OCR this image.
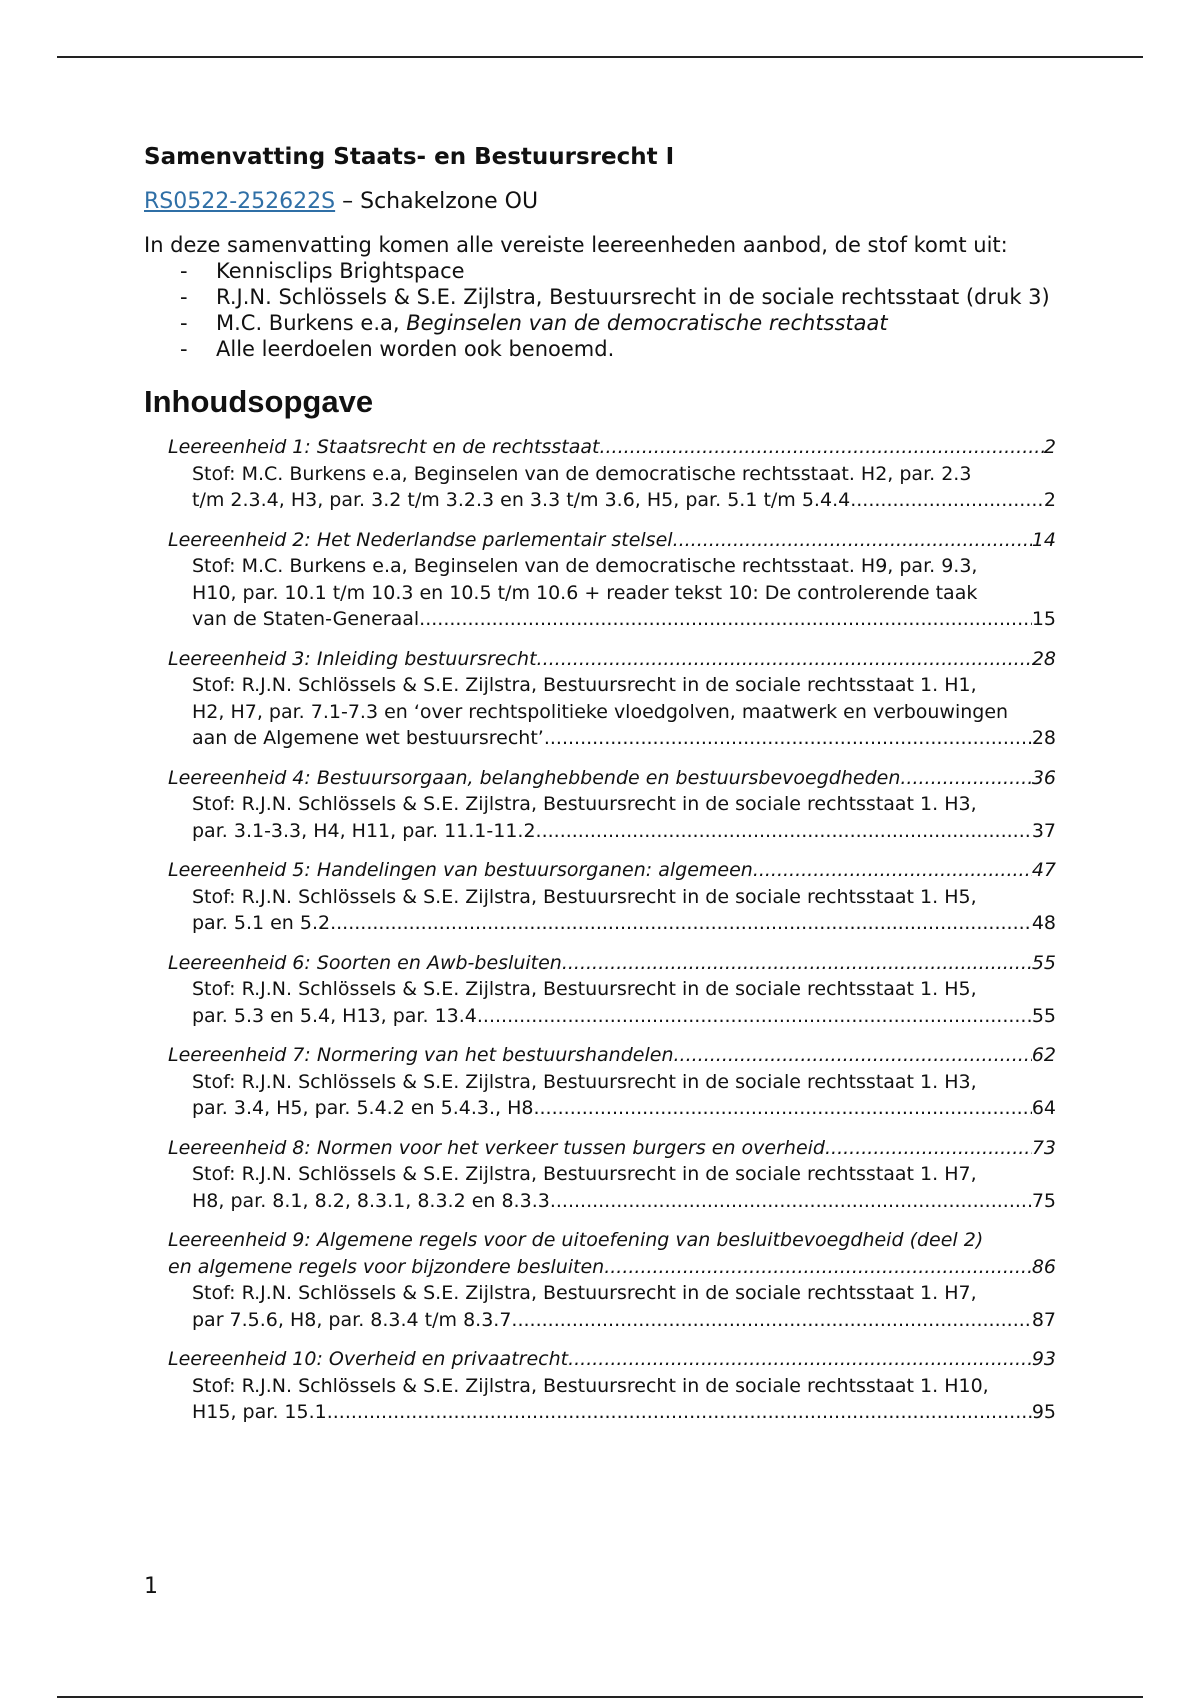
Samenvatting Staats- en Bestuursrecht I

RS0522-252622S – Schakelzone OU

In deze samenvatting komen alle vereiste leereenheden aanbod, de stof komt uit:

- Kennisclips Brightspace
- R.J.N. Schlössels & S.E. Zijlstra, Bestuursrecht in de sociale rechtsstaat (druk 3)
- M.C. Burkens e.a, Beginselen van de democratische rechtsstaat
- Alle leerdoelen worden ook benoemd.
Inhoudsopgave
Leereenheid 1: Staatsrecht en de rechtsstaat .....	2
Stof: M.C. Burkens e.a, Beginselen van de democratische rechtsstaat. H2, par. 2.3
t/m 2.3.4, H3, par. 3.2 t/m 3.2.3 en 3.3 t/m 3.6, H5, par. 5.1 t/m 5.4.4 .....	2
Leereenheid 2: Het Nederlandse parlementair stelsel .....	14
Stof: M.C. Burkens e.a, Beginselen van de democratische rechtsstaat. H9, par. 9.3,
H10, par. 10.1 t/m 10.3 en 10.5 t/m 10.6 + reader tekst 10: De controlerende taak
van de Staten-Generaal .....	15
Leereenheid 3: Inleiding bestuursrecht .....	28
Stof: R.J.N. Schlössels & S.E. Zijlstra, Bestuursrecht in de sociale rechtsstaat 1. H1,
H2, H7, par. 7.1-7.3 en ‘over rechtspolitieke vloedgolven, maatwerk en verbouwingen
aan de Algemene wet bestuursrecht’ .....	28
Leereenheid 4: Bestuursorgaan, belanghebbende en bestuursbevoegdheden .....	36
Stof: R.J.N. Schlössels & S.E. Zijlstra, Bestuursrecht in de sociale rechtsstaat 1. H3,
par. 3.1-3.3, H4, H11, par. 11.1-11.2 .....	37
Leereenheid 5: Handelingen van bestuursorganen: algemeen .....	47
Stof: R.J.N. Schlössels & S.E. Zijlstra, Bestuursrecht in de sociale rechtsstaat 1. H5,
par. 5.1 en 5.2 .....	48
Leereenheid 6: Soorten en Awb-besluiten .....	55
Stof: R.J.N. Schlössels & S.E. Zijlstra, Bestuursrecht in de sociale rechtsstaat 1. H5,
par. 5.3 en 5.4, H13, par. 13.4 .....	55
Leereenheid 7: Normering van het bestuurshandelen .....	62
Stof: R.J.N. Schlössels & S.E. Zijlstra, Bestuursrecht in de sociale rechtsstaat 1. H3,
par. 3.4, H5, par. 5.4.2 en 5.4.3., H8 .....	64
Leereenheid 8: Normen voor het verkeer tussen burgers en overheid .....	73
Stof: R.J.N. Schlössels & S.E. Zijlstra, Bestuursrecht in de sociale rechtsstaat 1. H7,
H8, par. 8.1, 8.2, 8.3.1, 8.3.2 en 8.3.3 .....	75
Leereenheid 9: Algemene regels voor de uitoefening van besluitbevoegdheid (deel 2)
en algemene regels voor bijzondere besluiten .....	86
Stof: R.J.N. Schlössels & S.E. Zijlstra, Bestuursrecht in de sociale rechtsstaat 1. H7,
par 7.5.6, H8, par. 8.3.4 t/m 8.3.7 .....	87
Leereenheid 10: Overheid en privaatrecht .....	93
Stof: R.J.N. Schlössels & S.E. Zijlstra, Bestuursrecht in de sociale rechtsstaat 1. H10,
H15, par. 15.1 .....	95
1
